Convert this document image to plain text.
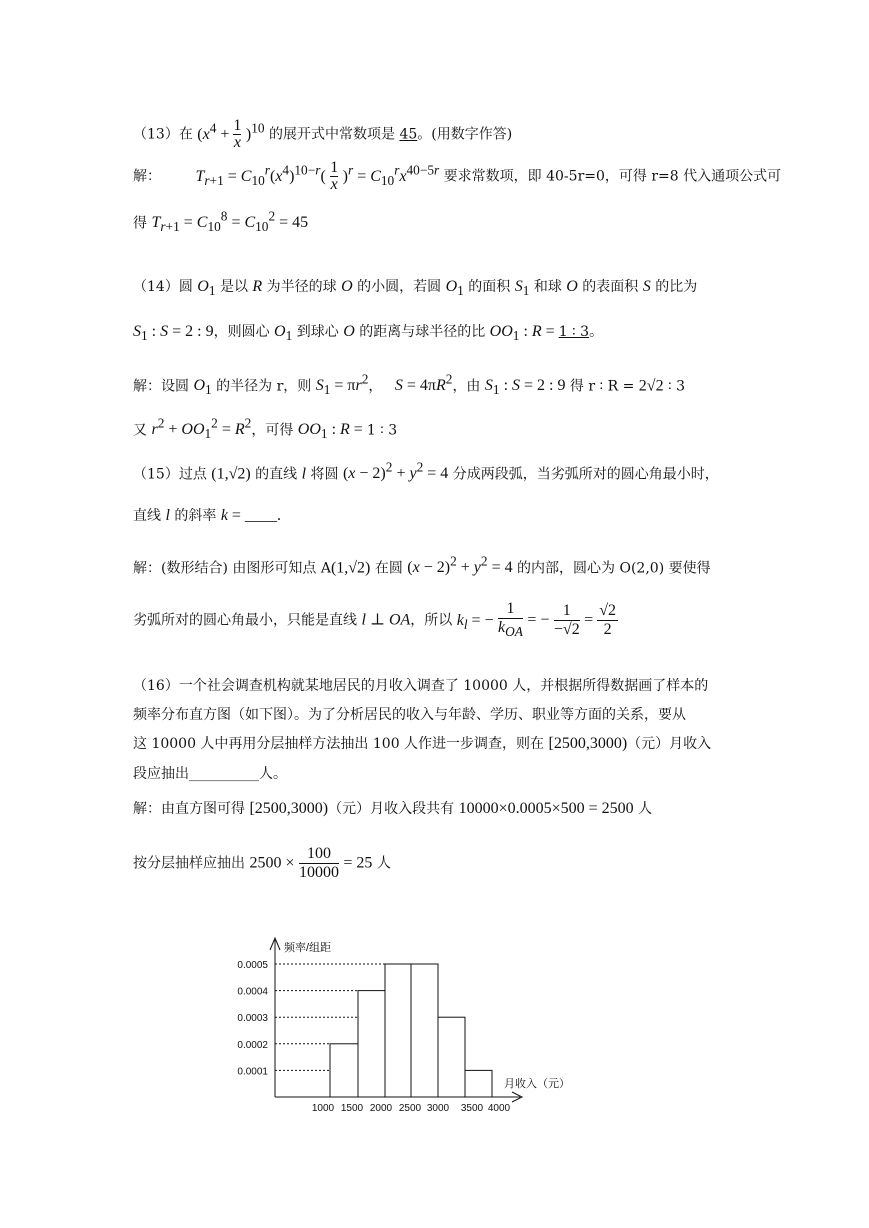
（13）在 $(x^4 + \frac{1}{x} )^{10}$ 的展开式中常数项是 45。(用数字作答)
解： $T_{r+1} = C_{10}^r(x^4)^{10-r}( \frac{1}{x} )^r = C_{10}^rx^{40-5r}$ 要求常数项，即 40-5r=0，可得 r=8 代入通项公式可
得 $T_{r+1} = C_{10}^8 = C_{10}^2 = 45$
（14）圆 $O_1$ 是以 R 为半径的球 O 的小圆，若圆 $O_1$ 的面积 $S_1$ 和球 O 的表面积 S 的比为
$S_1$ : S = 2 : 9，则圆心 $O_1$ 到球心 O 的距离与球半径的比 $OO_1$ : R = 1 ∶ 3。
解：设圆 $O_1$ 的半径为 r，则 $S_1 = \pi r^2$， $S = 4\pi R^2$，由 $S_1$ : S = 2 : 9 得 r ∶ R = 2√2 ∶ 3
又 $r^2 + OO_1^2 = R^2$，可得 $OO_1$ : R = 1 ∶ 3
（15）过点 (1,√2) 的直线 l 将圆 $(x - 2)^2 + y^2 = 4$ 分成两段弧，当劣弧所对的圆心角最小时，
直线 l 的斜率 k = ____.
解：(数形结合) 由图形可知点 A(1,√2) 在圆 $(x - 2)^2 + y^2 = 4$ 的内部，圆心为 O(2,0) 要使得
劣弧所对的圆心角最小，只能是直线 l ⊥ OA，所以 $k_l$ = −
1
$k_{OA}$
= − $\frac{1}{-√2} = \frac{√2}{2}$
（16）一个社会调查机构就某地居民的月收入调查了 10000 人，并根据所得数据画了样本的
频率分布直方图（如下图）。为了分析居民的收入与年龄、学历、职业等方面的关系，要从
这 10000 人中再用分层抽样方法抽出 100 人作进一步调查，则在 [2500,3000)（元）月收入
段应抽出__________人。
解：由直方图可得 [2500,3000)（元）月收入段共有 10000×0.0005×500 = 2500 人
按分层抽样应抽出 $2500 \times \frac{100}{10000} = 25$ 人
0.0001
0.0002
0.0003
0.0004
0.0005
1000 1500 2000 2500 3000 3500 4000
频率/组距
月收入（元）
